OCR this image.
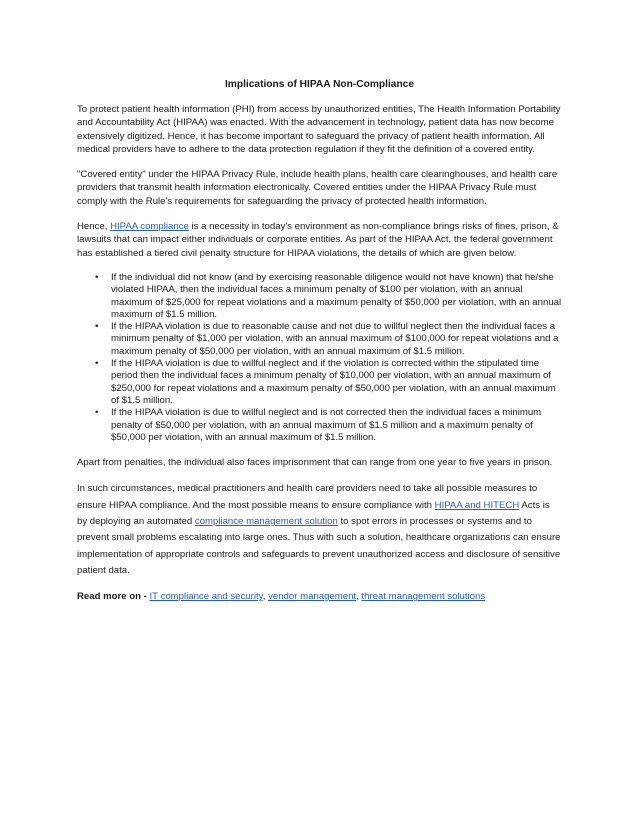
Implications of HIPAA Non-Compliance

To protect patient health information (PHI) from access by unauthorized entities, The Health Information Portability and Accountability Act (HIPAA) was enacted. With the advancement in technology, patient data has now become extensively digitized. Hence, it has become important to safeguard the privacy of patient health information. All medical providers have to adhere to the data protection regulation if they fit the definition of a covered entity.

"Covered entity" under the HIPAA Privacy Rule, include health plans, health care clearinghouses, and health care providers that transmit health information electronically. Covered entities under the HIPAA Privacy Rule must comply with the Rule's requirements for safeguarding the privacy of protected health information.

Hence, HIPAA compliance is a necessity in today's environment as non-compliance brings risks of fines, prison, & lawsuits that can impact either individuals or corporate entities. As part of the HIPAA Act, the federal government has established a tiered civil penalty structure for HIPAA violations, the details of which are given below.

• If the individual did not know (and by exercising reasonable diligence would not have known) that he/she violated HIPAA, then the individual faces a minimum penalty of $100 per violation, with an annual maximum of $25,000 for repeat violations and a maximum penalty of $50,000 per violation, with an annual maximum of $1.5 million.
• If the HIPAA violation is due to reasonable cause and not due to willful neglect then the individual faces a minimum penalty of $1,000 per violation, with an annual maximum of $100,000 for repeat violations and a maximum penalty of $50,000 per violation, with an annual maximum of $1.5 million.
• If the HIPAA violation is due to willful neglect and if the violation is corrected within the stipulated time period then the individual faces a minimum penalty of $10,000 per violation, with an annual maximum of $250,000 for repeat violations and a maximum penalty of $50,000 per violation, with an annual maximum of $1.5 million.
• If the HIPAA violation is due to willful neglect and is not corrected then the individual faces a minimum penalty of $50,000 per violation, with an annual maximum of $1.5 million and a maximum penalty of $50,000 per violation, with an annual maximum of $1.5 million.

Apart from penalties, the individual also faces imprisonment that can range from one year to five years in prison.

In such circumstances, medical practitioners and health care providers need to take all possible measures to ensure HIPAA compliance. And the most possible means to ensure compliance with HIPAA and HITECH Acts is by deploying an automated compliance management solution to spot errors in processes or systems and to prevent small problems escalating into large ones. Thus with such a solution, healthcare organizations can ensure implementation of appropriate controls and safeguards to prevent unauthorized access and disclosure of sensitive patient data.

Read more on - IT compliance and security, vendor management, threat management solutions
